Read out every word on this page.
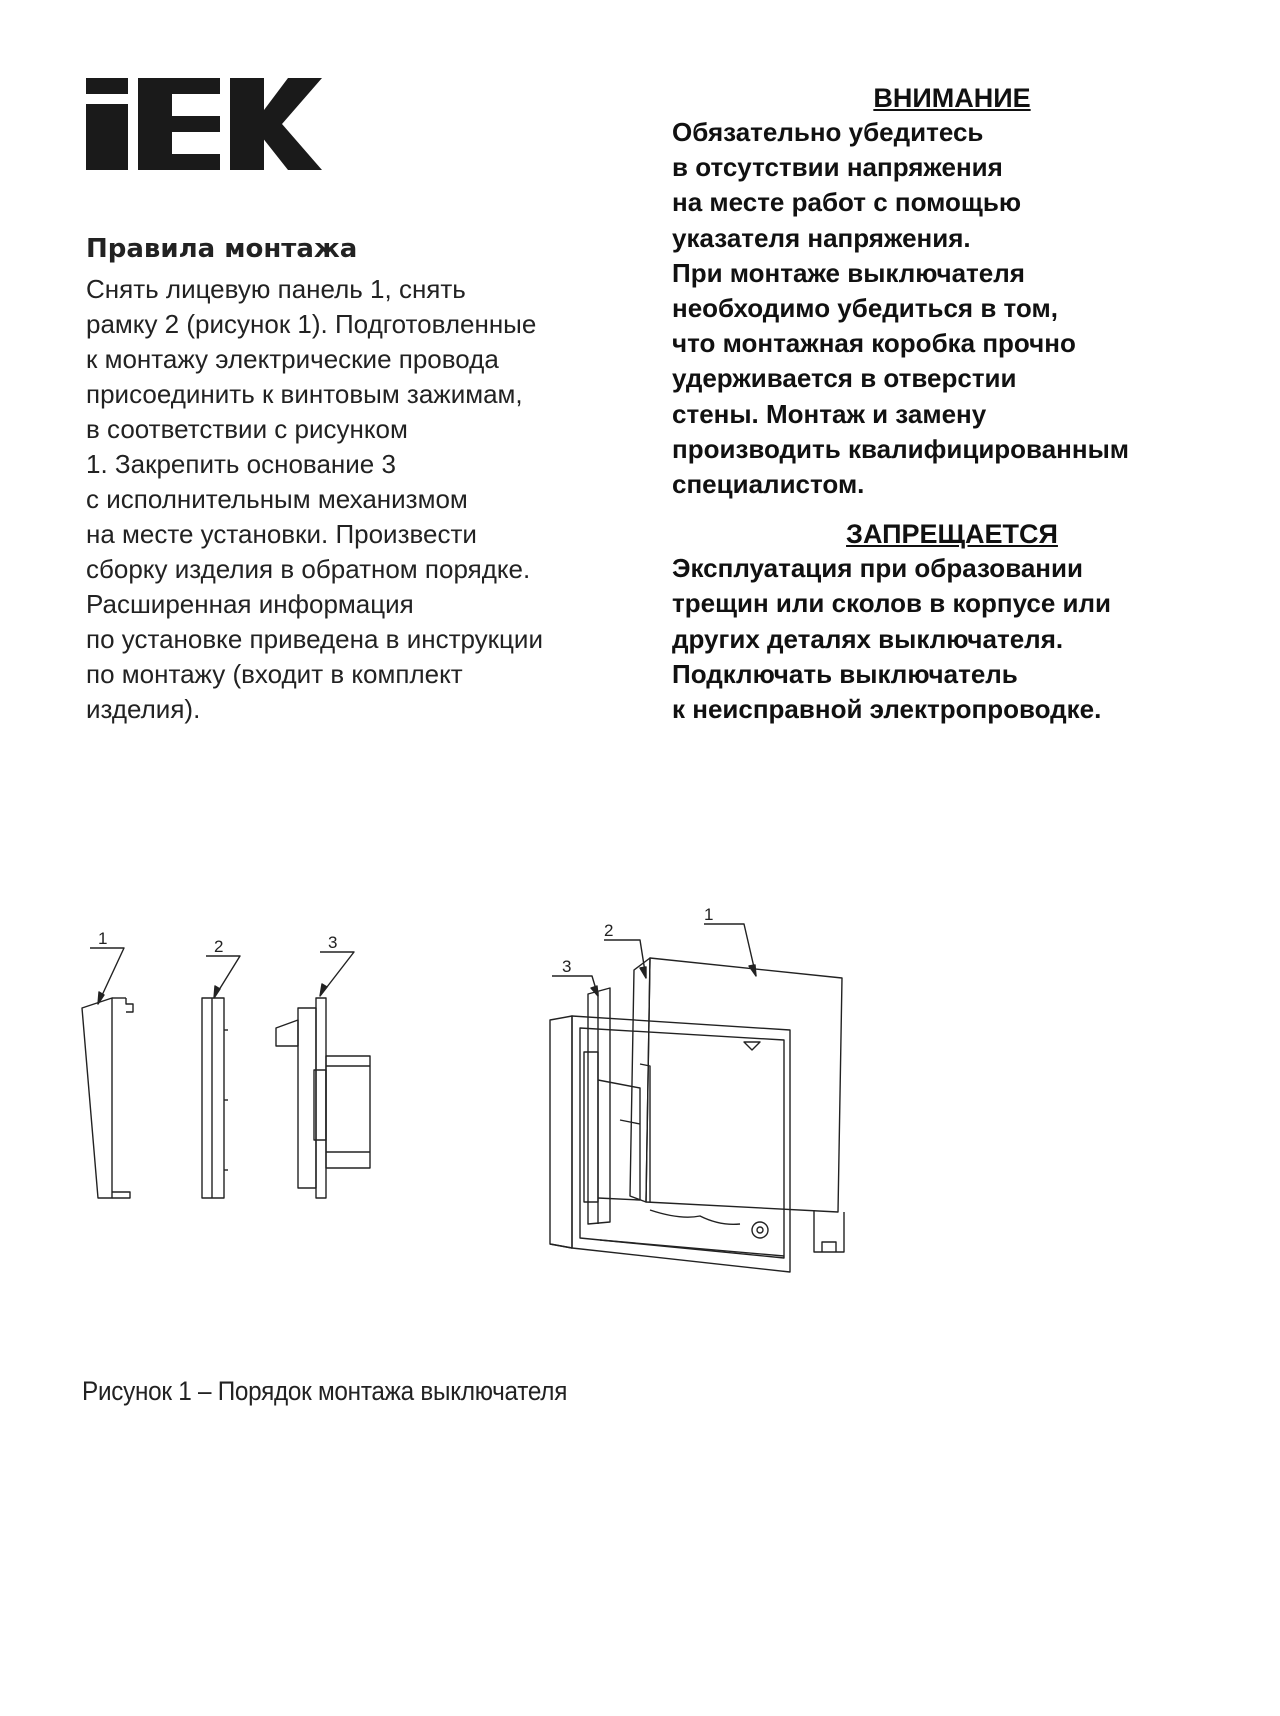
Правила монтажа
Снять лицевую панель 1, снять
рамку 2 (рисунок 1). Подготовленные
к монтажу электрические провода
присоединить к винтовым зажимам,
в соответствии с рисунком
1. Закрепить основание 3
с исполнительным механизмом
на месте установки. Произвести
сборку изделия в обратном порядке.
Расширенная информация
по установке приведена в инструкции
по монтажу (входит в комплект
изделия).
ВНИМАНИЕ
Обязательно убедитесь
в отсутствии напряжения
на месте работ с помощью
указателя напряжения.
При монтаже выключателя
необходимо убедиться в том,
что монтажная коробка прочно
удерживается в отверстии
стены. Монтаж и замену
производить квалифицированным
специалистом.
ЗАПРЕЩАЕТСЯ
Эксплуатация при образовании
трещин или сколов в корпусе или
других деталях выключателя.
Подключать выключатель
к неисправной электропроводке.
1	2	3
1
2
3
Рисунок 1 – Порядок монтажа выключателя
